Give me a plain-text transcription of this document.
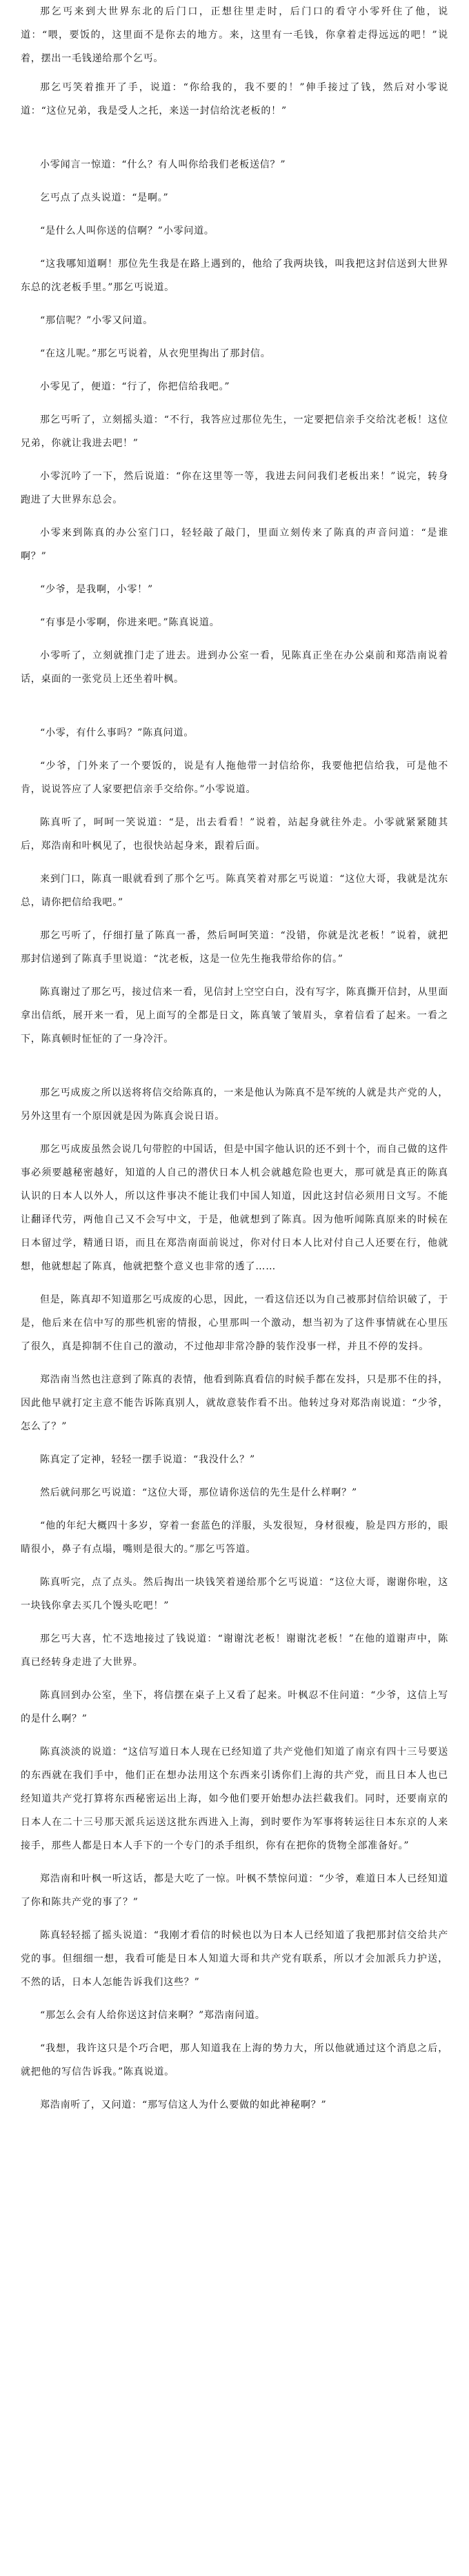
那乞丐来到大世界东北的后门口，正想往里走时，后门口的看守小零歼住了他，说道：“喂，要饭的，这里面不是你去的地方。来，这里有一毛钱，你拿着走得远远的吧！”说着，摆出一毛钱递给那个乞丐。

那乞丐笑着推开了手，说道：“你给我的，我不要的！”伸手接过了钱，然后对小零说道：“这位兄弟，我是受人之托，来送一封信给沈老板的！”

小零闻言一惊道：“什么？有人叫你给我们老板送信？”

乞丐点了点头说道：“是啊。”

“是什么人叫你送的信啊？”小零问道。

“这我哪知道啊！那位先生我是在路上遇到的，他给了我两块钱，叫我把这封信送到大世界东总的沈老板手里。”那乞丐说道。

“那信呢？”小零又问道。

“在这儿呢。”那乞丐说着，从衣兜里掏出了那封信。

小零见了，便道：“行了，你把信给我吧。”

那乞丐听了，立刻摇头道：“不行，我答应过那位先生，一定要把信亲手交给沈老板！这位兄弟，你就让我进去吧！”

小零沉吟了一下，然后说道：“你在这里等一等，我进去问问我们老板出来！”说完，转身跑进了大世界东总会。

小零来到陈真的办公室门口，轻轻敲了敲门，里面立刻传来了陈真的声音问道：“是谁啊？”

“少爷，是我啊，小零！”

“有事是小零啊，你进来吧。”陈真说道。

小零听了，立刻就推门走了进去。进到办公室一看，见陈真正坐在办公桌前和郑浩南说着话，桌面的一张党员上还坐着叶枫。

“小零，有什么事吗？”陈真问道。

“少爷，门外来了一个要饭的，说是有人拖他带一封信给你，我要他把信给我，可是他不肯，说说答应了人家要把信亲手交给你。”小零说道。

陈真听了，呵呵一笑说道：“是，出去看看！”说着，站起身就往外走。小零就紧紧随其后，郑浩南和叶枫见了，也很快站起身来，跟着后面。

来到门口，陈真一眼就看到了那个乞丐。陈真笑着对那乞丐说道：“这位大哥，我就是沈东总，请你把信给我吧。”

那乞丐听了，仔细打量了陈真一番，然后呵呵笑道：“没错，你就是沈老板！”说着，就把那封信递到了陈真手里说道：“沈老板，这是一位先生拖我带给你的信。”

陈真谢过了那乞丐，接过信来一看，见信封上空空白白，没有写字，陈真撕开信封，从里面拿出信纸，展开来一看，见上面写的全都是日文，陈真皱了皱眉头，拿着信看了起来。一看之下，陈真顿时怔怔的了一身冷汗。

那乞丐成废之所以送将将信交给陈真的，一来是他认为陈真不是军统的人就是共产党的人，另外这里有一个原因就是因为陈真会说日语。

那乞丐成废虽然会说几句带腔的中国话，但是中国字他认识的还不到十个，而自己做的这件事必须要越秘密越好，知道的人自己的潜伏日本人机会就越危险也更大，那可就是真正的陈真认识的日本人以外人，所以这件事决不能让我们中国人知道，因此这封信必须用日文写。不能让翻译代劳，两他自己又不会写中文，于是，他就想到了陈真。因为他听闻陈真原来的时候在日本留过学，精通日语，而且在郑浩南面前说过，你对付日本人比对付自己人还要在行，他就想，他就想起了陈真，他就把整个意义也非常的透了……

但是，陈真却不知道那乞丐成废的心思，因此，一看这信还以为自己被那封信给识破了，于是，他后来在信中写的那些机密的情报，心里那叫一个激动，想当初为了这件事情就在心里压了很久，真是抑制不住自己的激动，不过他却非常冷静的装作没事一样，并且不停的发抖。

郑浩南当然也注意到了陈真的表情，他看到陈真看信的时候手都在发抖，只是那不住的抖，因此他早就打定主意不能告诉陈真别人，就故意装作看不出。他转过身对郑浩南说道：“少爷，怎么了？”

陈真定了定神，轻轻一摆手说道：“我没什么？”

然后就问那乞丐说道：“这位大哥，那位请你送信的先生是什么样啊？”

“他的年纪大概四十多岁，穿着一套蓝色的洋服，头发很短，身材很瘦，脸是四方形的，眼睛很小，鼻子有点塌，嘴则是很大的。”那乞丐答道。

陈真听完，点了点头。然后掏出一块钱笑着递给那个乞丐说道：“这位大哥，谢谢你啦，这一块钱你拿去买几个馒头吃吧！”

那乞丐大喜，忙不迭地接过了钱说道：“谢谢沈老板！谢谢沈老板！”在他的道谢声中，陈真已经转身走进了大世界。

陈真回到办公室，坐下，将信摆在桌子上又看了起来。叶枫忍不住问道：“少爷，这信上写的是什么啊？”

陈真淡淡的说道：“这信写道日本人现在已经知道了共产党他们知道了南京有四十三号要送的东西就在我们手中，他们正在想办法用这个东西来引诱你们上海的共产党，而且日本人也已经知道共产党打算将东西秘密运出上海，如今他们要开始想办法拦截我们。同时，还要南京的日本人在二十三号那天派兵运送这批东西进入上海，到时要作为军事将转运往日本东京的人来接手，那些人都是日本人手下的一个专门的杀手组织，你有在把你的货物全部准备好。”

郑浩南和叶枫一听这话，都是大吃了一惊。叶枫不禁惊问道：“少爷，难道日本人已经知道了你和陈共产党的事了？”

陈真轻轻摇了摇头说道：“我刚才看信的时候也以为日本人已经知道了我把那封信交给共产党的事。但细细一想，我看可能是日本人知道大哥和共产党有联系，所以才会加派兵力护送，不然的话，日本人怎能告诉我们这些？”

“那怎么会有人给你送这封信来啊？”郑浩南问道。

“我想，我许这只是个巧合吧，那人知道我在上海的势力大，所以他就通过这个消息之后，就把他的写信告诉我。”陈真说道。

郑浩南听了，又问道：“那写信这人为什么要做的如此神秘啊？”
